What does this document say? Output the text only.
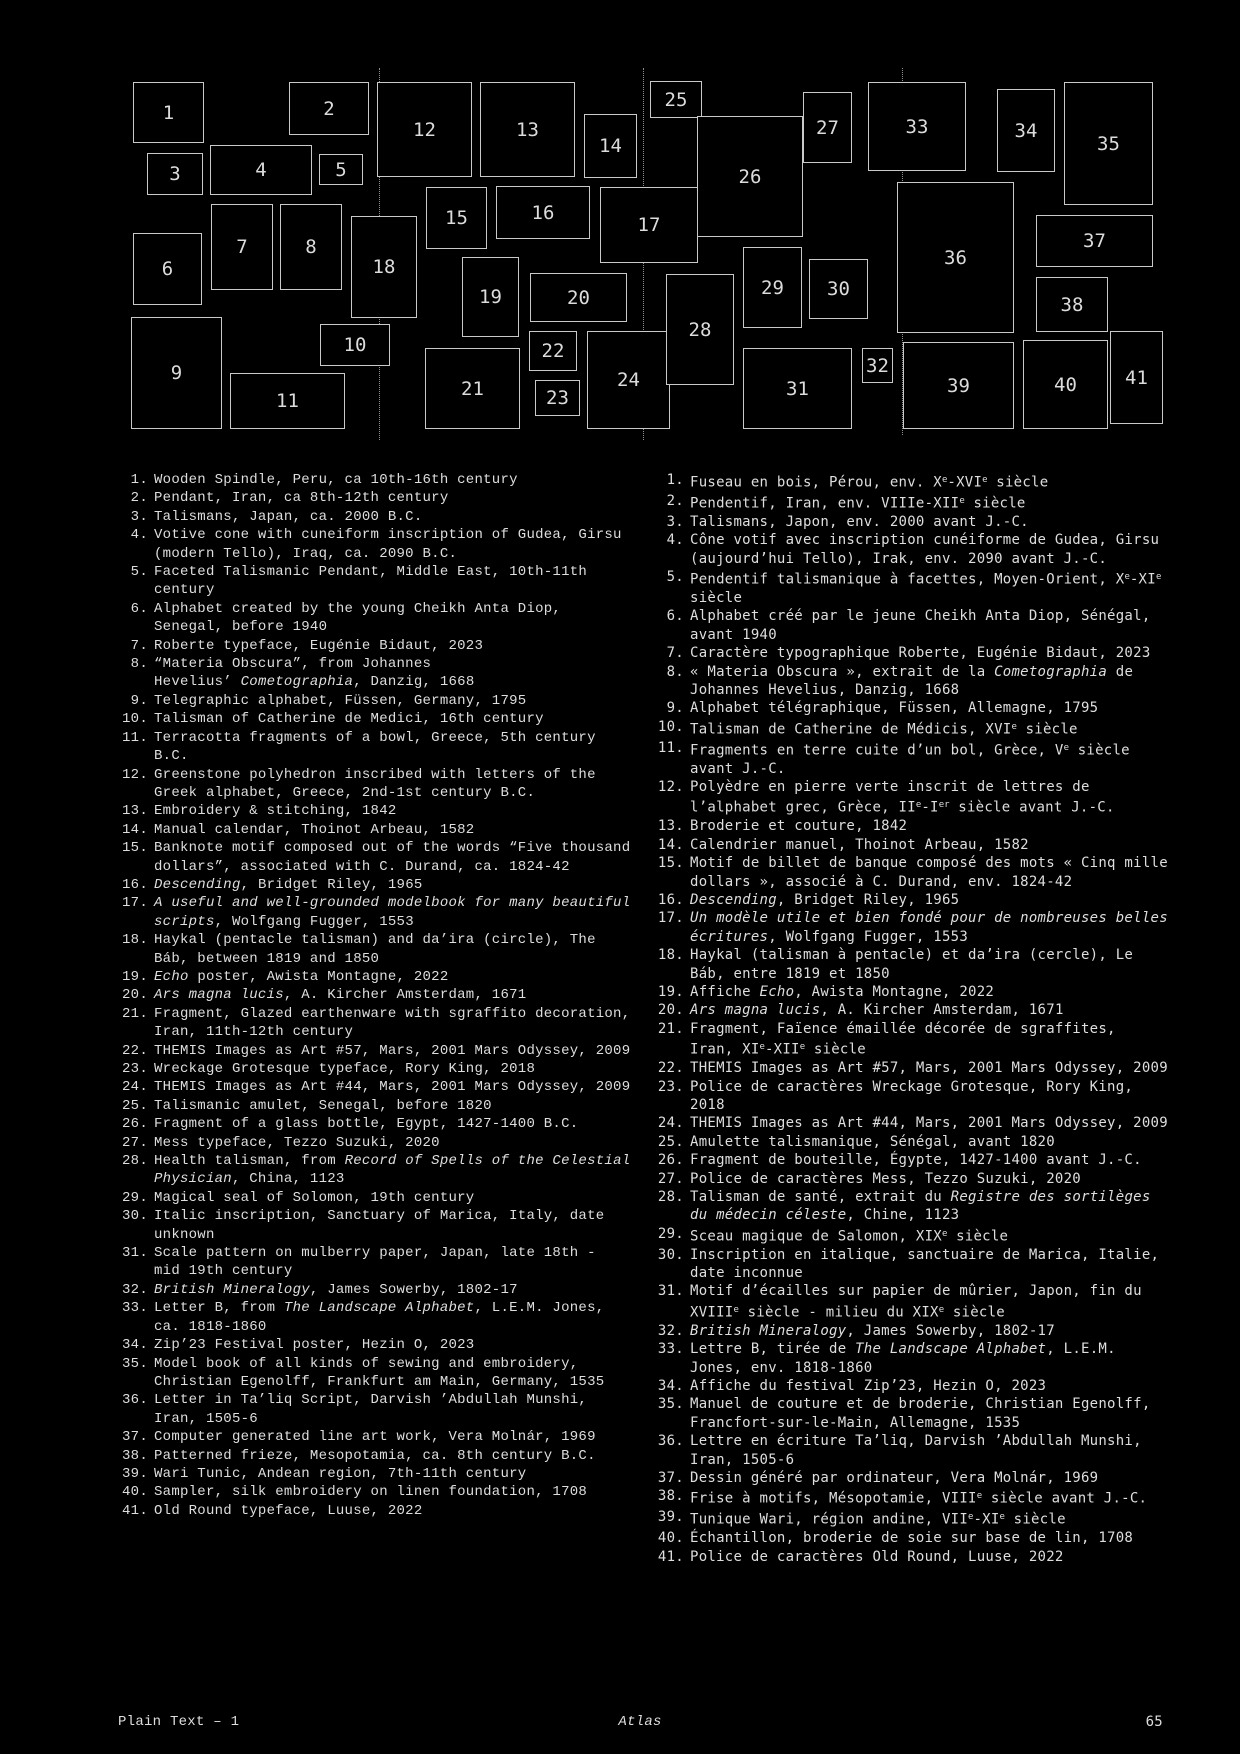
1	2
3	4	5
6
7	8
9
10
11
12	13
14
15	16
17
18
19	20
21
22
23
24
25
26
27
28
29 30
31
32
33	34
35
36
37
38
39	40	41
1. Wooden Spindle, Peru, ca 10th-16th century
2. Pendant, Iran, ca 8th-12th century
3. Talismans, Japan, ca. 2000 B.C.
4. Votive cone with cuneiform inscription of Gudea, Girsu
(modern Tello), Iraq, ca. 2090 B.C.
5. Faceted Talismanic Pendant, Middle East, 10th-11th
century
6. Alphabet created by the young Cheikh Anta Diop,
Senegal, before 1940
7. Roberte typeface, Eugénie Bidaut, 2023
8. “Materia Obscura”, from Johannes
Hevelius’ Cometographia, Danzig, 1668
9. Telegraphic alphabet, Füssen, Germany, 1795
10. Talisman of Catherine de Medici, 16th century
11. Terracotta fragments of a bowl, Greece, 5th century
B.C.
12. Greenstone polyhedron inscribed with letters of the
Greek alphabet, Greece, 2nd-1st century B.C.
13. Embroidery & stitching, 1842
14. Manual calendar, Thoinot Arbeau, 1582
15. Banknote motif composed out of the words “Five thousand
dollars”, associated with C. Durand, ca. 1824-42
16. Descending, Bridget Riley, 1965
17. A useful and well-grounded modelbook for many beautiful
scripts, Wolfgang Fugger, 1553
18. Haykal (pentacle talisman) and da’ira (circle), The
Báb, between 1819 and 1850
19. Echo poster, Awista Montagne, 2022
20. Ars magna lucis, A. Kircher Amsterdam, 1671
21. Fragment, Glazed earthenware with sgraffito decoration,
Iran, 11th-12th century
22. THEMIS Images as Art #57, Mars, 2001 Mars Odyssey, 2009
23. Wreckage Grotesque typeface, Rory King, 2018
24. THEMIS Images as Art #44, Mars, 2001 Mars Odyssey, 2009
25. Talismanic amulet, Senegal, before 1820
26. Fragment of a glass bottle, Egypt, 1427-1400 B.C.
27. Mess typeface, Tezzo Suzuki, 2020
28. Health talisman, from Record of Spells of the Celestial
Physician, China, 1123
29. Magical seal of Solomon, 19th century
30. Italic inscription, Sanctuary of Marica, Italy, date
unknown
31. Scale pattern on mulberry paper, Japan, late 18th -
mid 19th century
32. British Mineralogy, James Sowerby, 1802-17
33. Letter B, from The Landscape Alphabet, L.E.M. Jones,
ca. 1818-1860
34. Zip’23 Festival poster, Hezin O, 2023
35. Model book of all kinds of sewing and embroidery,
Christian Egenolff, Frankfurt am Main, Germany, 1535
36. Letter in Ta’liq Script, Darvish ’Abdullah Munshi,
Iran, 1505-6
37. Computer generated line art work, Vera Molnár, 1969
38. Patterned frieze, Mesopotamia, ca. 8th century B.C.
39. Wari Tunic, Andean region, 7th-11th century
40. Sampler, silk embroidery on linen foundation, 1708
41. Old Round typeface, Luuse, 2022
1. Fuseau en bois, Pérou, env. Xe-XVIe siècle
2. Pendentif, Iran, env. VIIIe-XIIe siècle
3. Talismans, Japon, env. 2000 avant J.-C.
4. Cône votif avec inscription cunéiforme de Gudea, Girsu
(aujourd’hui Tello), Irak, env. 2090 avant J.-C.
5. Pendentif talismanique à facettes, Moyen-Orient, Xe-XIe
siècle
6. Alphabet créé par le jeune Cheikh Anta Diop, Sénégal,
avant 1940
7. Caractère typographique Roberte, Eugénie Bidaut, 2023
8. « Materia Obscura », extrait de la Cometographia de
Johannes Hevelius, Danzig, 1668
9. Alphabet télégraphique, Füssen, Allemagne, 1795
10. Talisman de Catherine de Médicis, XVIe siècle
11. Fragments en terre cuite d’un bol, Grèce, Ve siècle
avant J.-C.
12. Polyèdre en pierre verte inscrit de lettres de
l’alphabet grec, Grèce, IIe-Ier siècle avant J.-C.
13. Broderie et couture, 1842
14. Calendrier manuel, Thoinot Arbeau, 1582
15. Motif de billet de banque composé des mots « Cinq mille
dollars », associé à C. Durand, env. 1824-42
16. Descending, Bridget Riley, 1965
17. Un modèle utile et bien fondé pour de nombreuses belles
écritures, Wolfgang Fugger, 1553
18. Haykal (talisman à pentacle) et da’ira (cercle), Le
Báb, entre 1819 et 1850
19. Affiche Echo, Awista Montagne, 2022
20. Ars magna lucis, A. Kircher Amsterdam, 1671
21. Fragment, Faïence émaillée décorée de sgraffites,
Iran, XIe-XIIe siècle
22. THEMIS Images as Art #57, Mars, 2001 Mars Odyssey, 2009
23. Police de caractères Wreckage Grotesque, Rory King,
2018
24. THEMIS Images as Art #44, Mars, 2001 Mars Odyssey, 2009
25. Amulette talismanique, Sénégal, avant 1820
26. Fragment de bouteille, Égypte, 1427-1400 avant J.-C.
27. Police de caractères Mess, Tezzo Suzuki, 2020
28. Talisman de santé, extrait du Registre des sortilèges
du médecin céleste, Chine, 1123
29. Sceau magique de Salomon, XIXe siècle
30. Inscription en italique, sanctuaire de Marica, Italie,
date inconnue
31. Motif d’écailles sur papier de mûrier, Japon, fin du
XVIIIe siècle - milieu du XIXe siècle
32. British Mineralogy, James Sowerby, 1802-17
33. Lettre B, tirée de The Landscape Alphabet, L.E.M.
Jones, env. 1818-1860
34. Affiche du festival Zip’23, Hezin O, 2023
35. Manuel de couture et de broderie, Christian Egenolff,
Francfort-sur-le-Main, Allemagne, 1535
36. Lettre en écriture Ta’liq, Darvish ’Abdullah Munshi,
Iran, 1505-6
37. Dessin généré par ordinateur, Vera Molnár, 1969
38. Frise à motifs, Mésopotamie, VIIIe siècle avant J.-C.
39. Tunique Wari, région andine, VIIe-XIe siècle
40. Échantillon, broderie de soie sur base de lin, 1708
41. Police de caractères Old Round, Luuse, 2022
Plain Text – 1	Atlas	65
